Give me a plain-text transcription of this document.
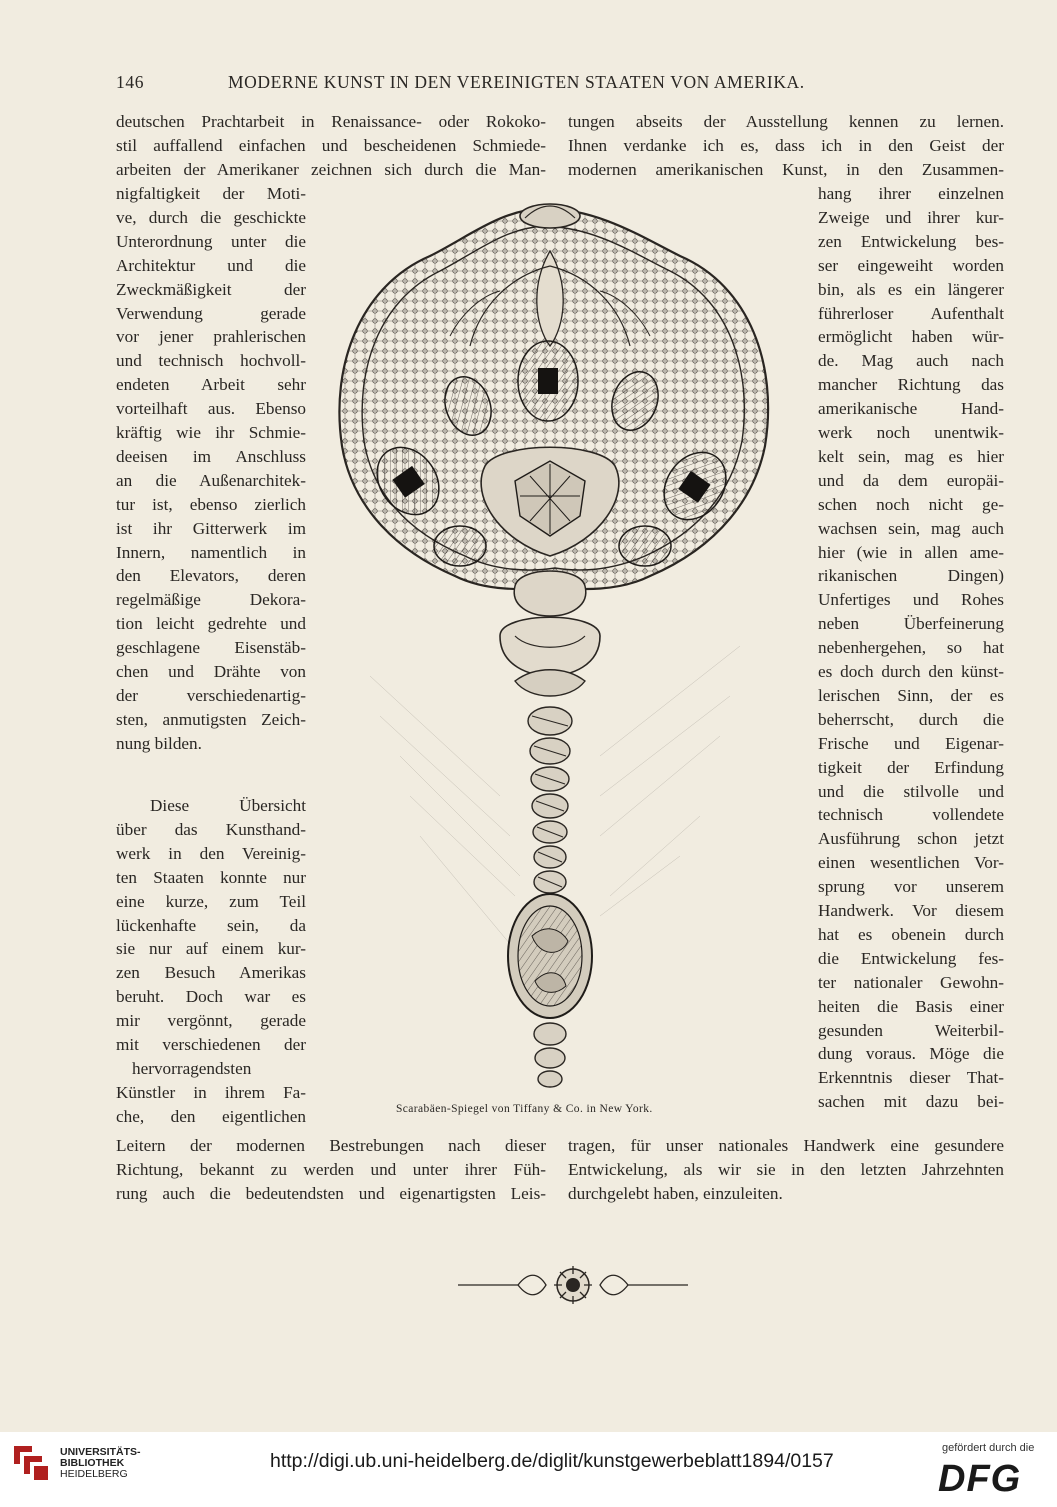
146	MODERNE KUNST IN DEN VEREINIGTEN STAATEN VON AMERIKA.
deutschen Prachtarbeit in Renaissance- oder Rokoko-
stil auffallend einfachen und bescheidenen Schmiede-
arbeiten der Amerikaner zeichnen sich durch die Man-
tungen abseits der Ausstellung kennen zu lernen.
Ihnen verdanke ich es, dass ich in den Geist der
modernen amerikanischen Kunst, in den Zusammen-
nigfaltigkeit der Moti-
ve, durch die geschickte
Unterordnung unter die
Architektur und die
Zweckmäßigkeit der
Verwendung gerade
vor jener prahlerischen
und technisch hochvoll-
endeten Arbeit sehr
vorteilhaft aus. Ebenso
kräftig wie ihr Schmie-
deeisen im Anschluss
an die Außenarchitek-
tur ist, ebenso zierlich
ist ihr Gitterwerk im
Innern, namentlich in
den Elevators, deren
regelmäßige Dekora-
tion leicht gedrehte und
geschlagene Eisenstäb-
chen und Drähte von
der verschiedenartig-
sten, anmutigsten Zeich-
nung bilden.
Diese Übersicht
über das Kunsthand-
werk in den Vereinig-
ten Staaten konnte nur
eine kurze, zum Teil
lückenhafte sein, da
sie nur auf einem kur-
zen Besuch Amerikas
beruht. Doch war es
mir vergönnt, gerade
mit verschiedenen der
hervorragendsten
Künstler in ihrem Fa-
che, den eigentlichen
hang ihrer einzelnen
Zweige und ihrer kur-
zen Entwickelung bes-
ser eingeweiht worden
bin, als es ein längerer
führerloser Aufenthalt
ermöglicht haben wür-
de. Mag auch nach
mancher Richtung das
amerikanische Hand-
werk noch unentwik-
kelt sein, mag es hier
und da dem europäi-
schen noch nicht ge-
wachsen sein, mag auch
hier (wie in allen ame-
rikanischen Dingen)
Unfertiges und Rohes
neben Überfeinerung
nebenhergehen, so hat
es doch durch den künst-
lerischen Sinn, der es
beherrscht, durch die
Frische und Eigenar-
tigkeit der Erfindung
und die stilvolle und
technisch vollendete
Ausführung schon jetzt
einen wesentlichen Vor-
sprung vor unserem
Handwerk. Vor diesem
hat es obenein durch
die Entwickelung fes-
ter nationaler Gewohn-
heiten die Basis einer
gesunden Weiterbil-
dung voraus. Möge die
Erkenntnis dieser That-
sachen mit dazu bei-
Leitern der modernen Bestrebungen nach dieser
Richtung, bekannt zu werden und unter ihrer Füh-
rung auch die bedeutendsten und eigenartigsten Leis-
tragen, für unser nationales Handwerk eine gesundere
Entwickelung, als wir sie in den letzten Jahrzehnten
durchgelebt haben, einzuleiten.
Scarabäen-Spiegel von Tiffany & Co. in New York.
UNIVERSITÄTS-
BIBLIOTHEK
HEIDELBERG
http://digi.ub.uni-heidelberg.de/diglit/kunstgewerbeblatt1894/0157
gefördert durch die
DFG
